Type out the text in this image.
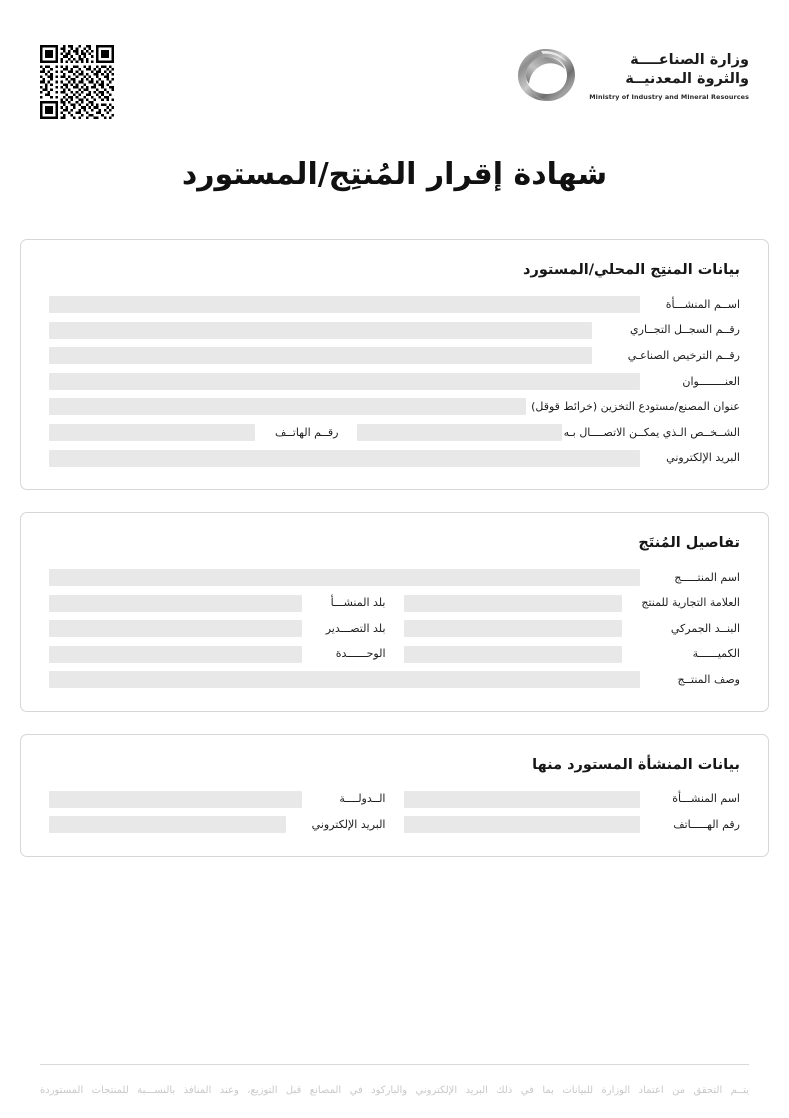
وزارة الصناعــــة
والثروة المعدنيــة
Ministry of Industry and Mineral Resources
شهادة إقرار المُنتِج/المستورد
بيانات المنتِج المحلي/المستورد
اســم المنشـــأة
رقــم السجــل التجــاري
رقــم الترخيص الصناعـي
العنــــــــوان
عنوان المصنع/مستودع التخزين (خرائط قوقل)
الشــخــص الـذي يمكــن الاتصــــال بـه
رقــم الهاتــف
البريد الإلكتروني
تفاصيل المُنتَج
اسم المنتـــــج
العلامة التجارية للمنتج
بلد المنشـــأ
البنــد الجمركي
بلد التصـــدير
الكميــــــة
الوحــــــدة
وصف المنتــج
بيانات المنشأة المستورد منها
اسم المنشـــأة
الــدولــــة
رقم الهـــــاتف
البريد الإلكتروني
يتــم التحقق من اعتماد الوزارة للبيانات بما في ذلك البريد الإلكتروني والباركود في المصانع قبل التوزيع، وعند المنافذ بالنســـبة للمنتجات المستوردة
